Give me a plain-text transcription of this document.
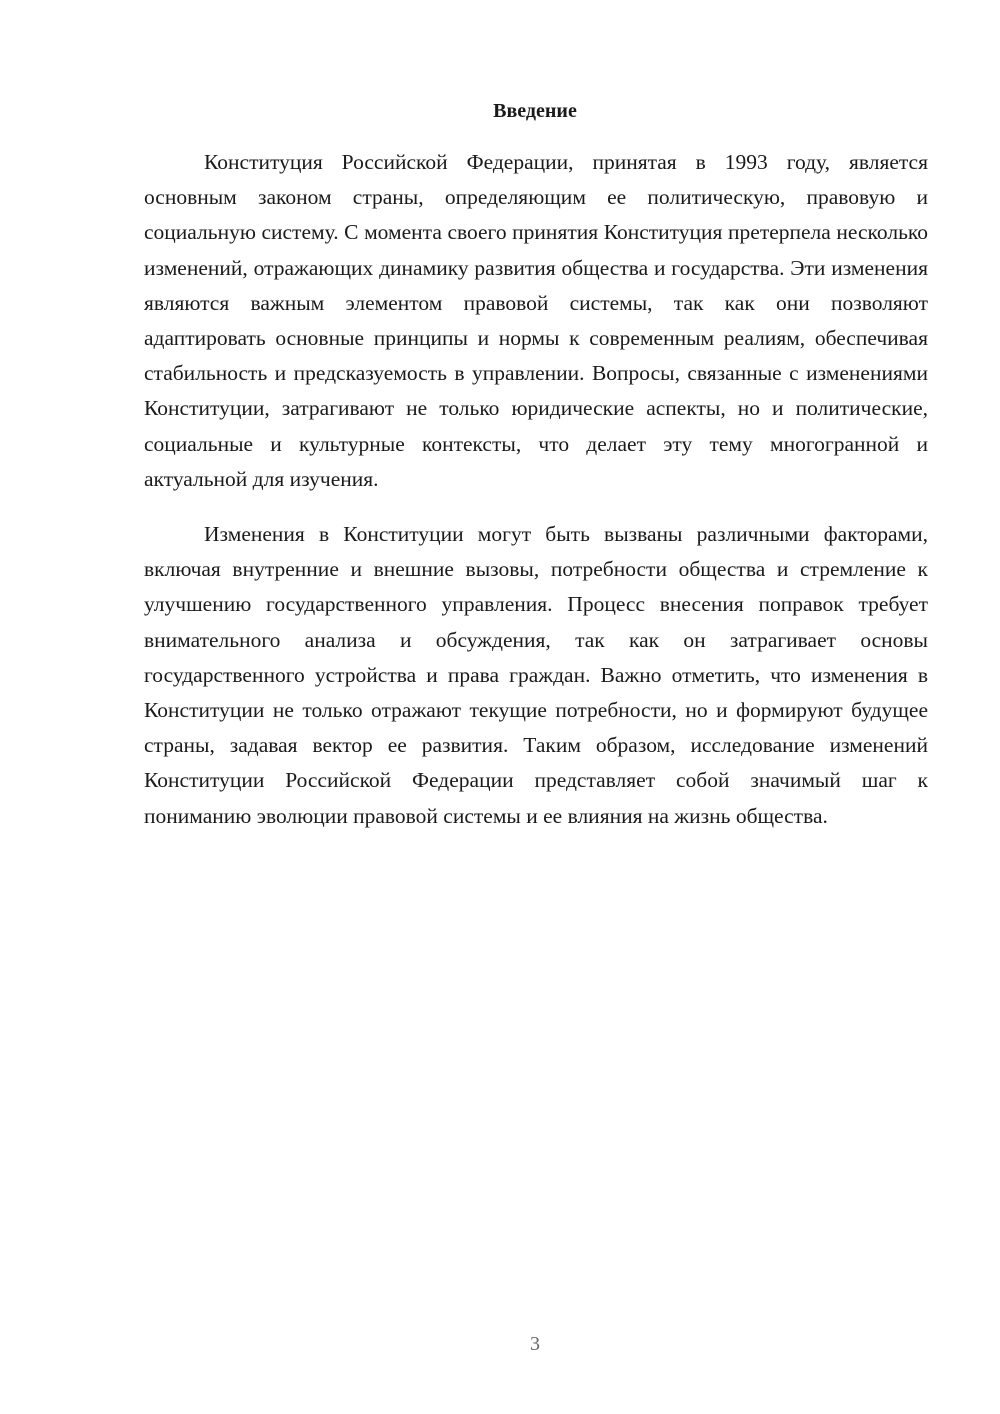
Введение

Конституция Российской Федерации, принятая в 1993 году, является основным законом страны, определяющим ее политическую, правовую и социальную систему. С момента своего принятия Конституция претерпела несколько изменений, отражающих динамику развития общества и государства. Эти изменения являются важным элементом правовой системы, так как они позволяют адаптировать основные принципы и нормы к современным реалиям, обеспечивая стабильность и предсказуемость в управлении. Вопросы, связанные с изменениями Конституции, затрагивают не только юридические аспекты, но и политические, социальные и культурные контексты, что делает эту тему многогранной и актуальной для изучения.

Изменения в Конституции могут быть вызваны различными факторами, включая внутренние и внешние вызовы, потребности общества и стремление к улучшению государственного управления. Процесс внесения поправок требует внимательного анализа и обсуждения, так как он затрагивает основы государственного устройства и права граждан. Важно отметить, что изменения в Конституции не только отражают текущие потребности, но и формируют будущее страны, задавая вектор ее развития. Таким образом, исследование изменений Конституции Российской Федерации представляет собой значимый шаг к пониманию эволюции правовой системы и ее влияния на жизнь общества.

3
